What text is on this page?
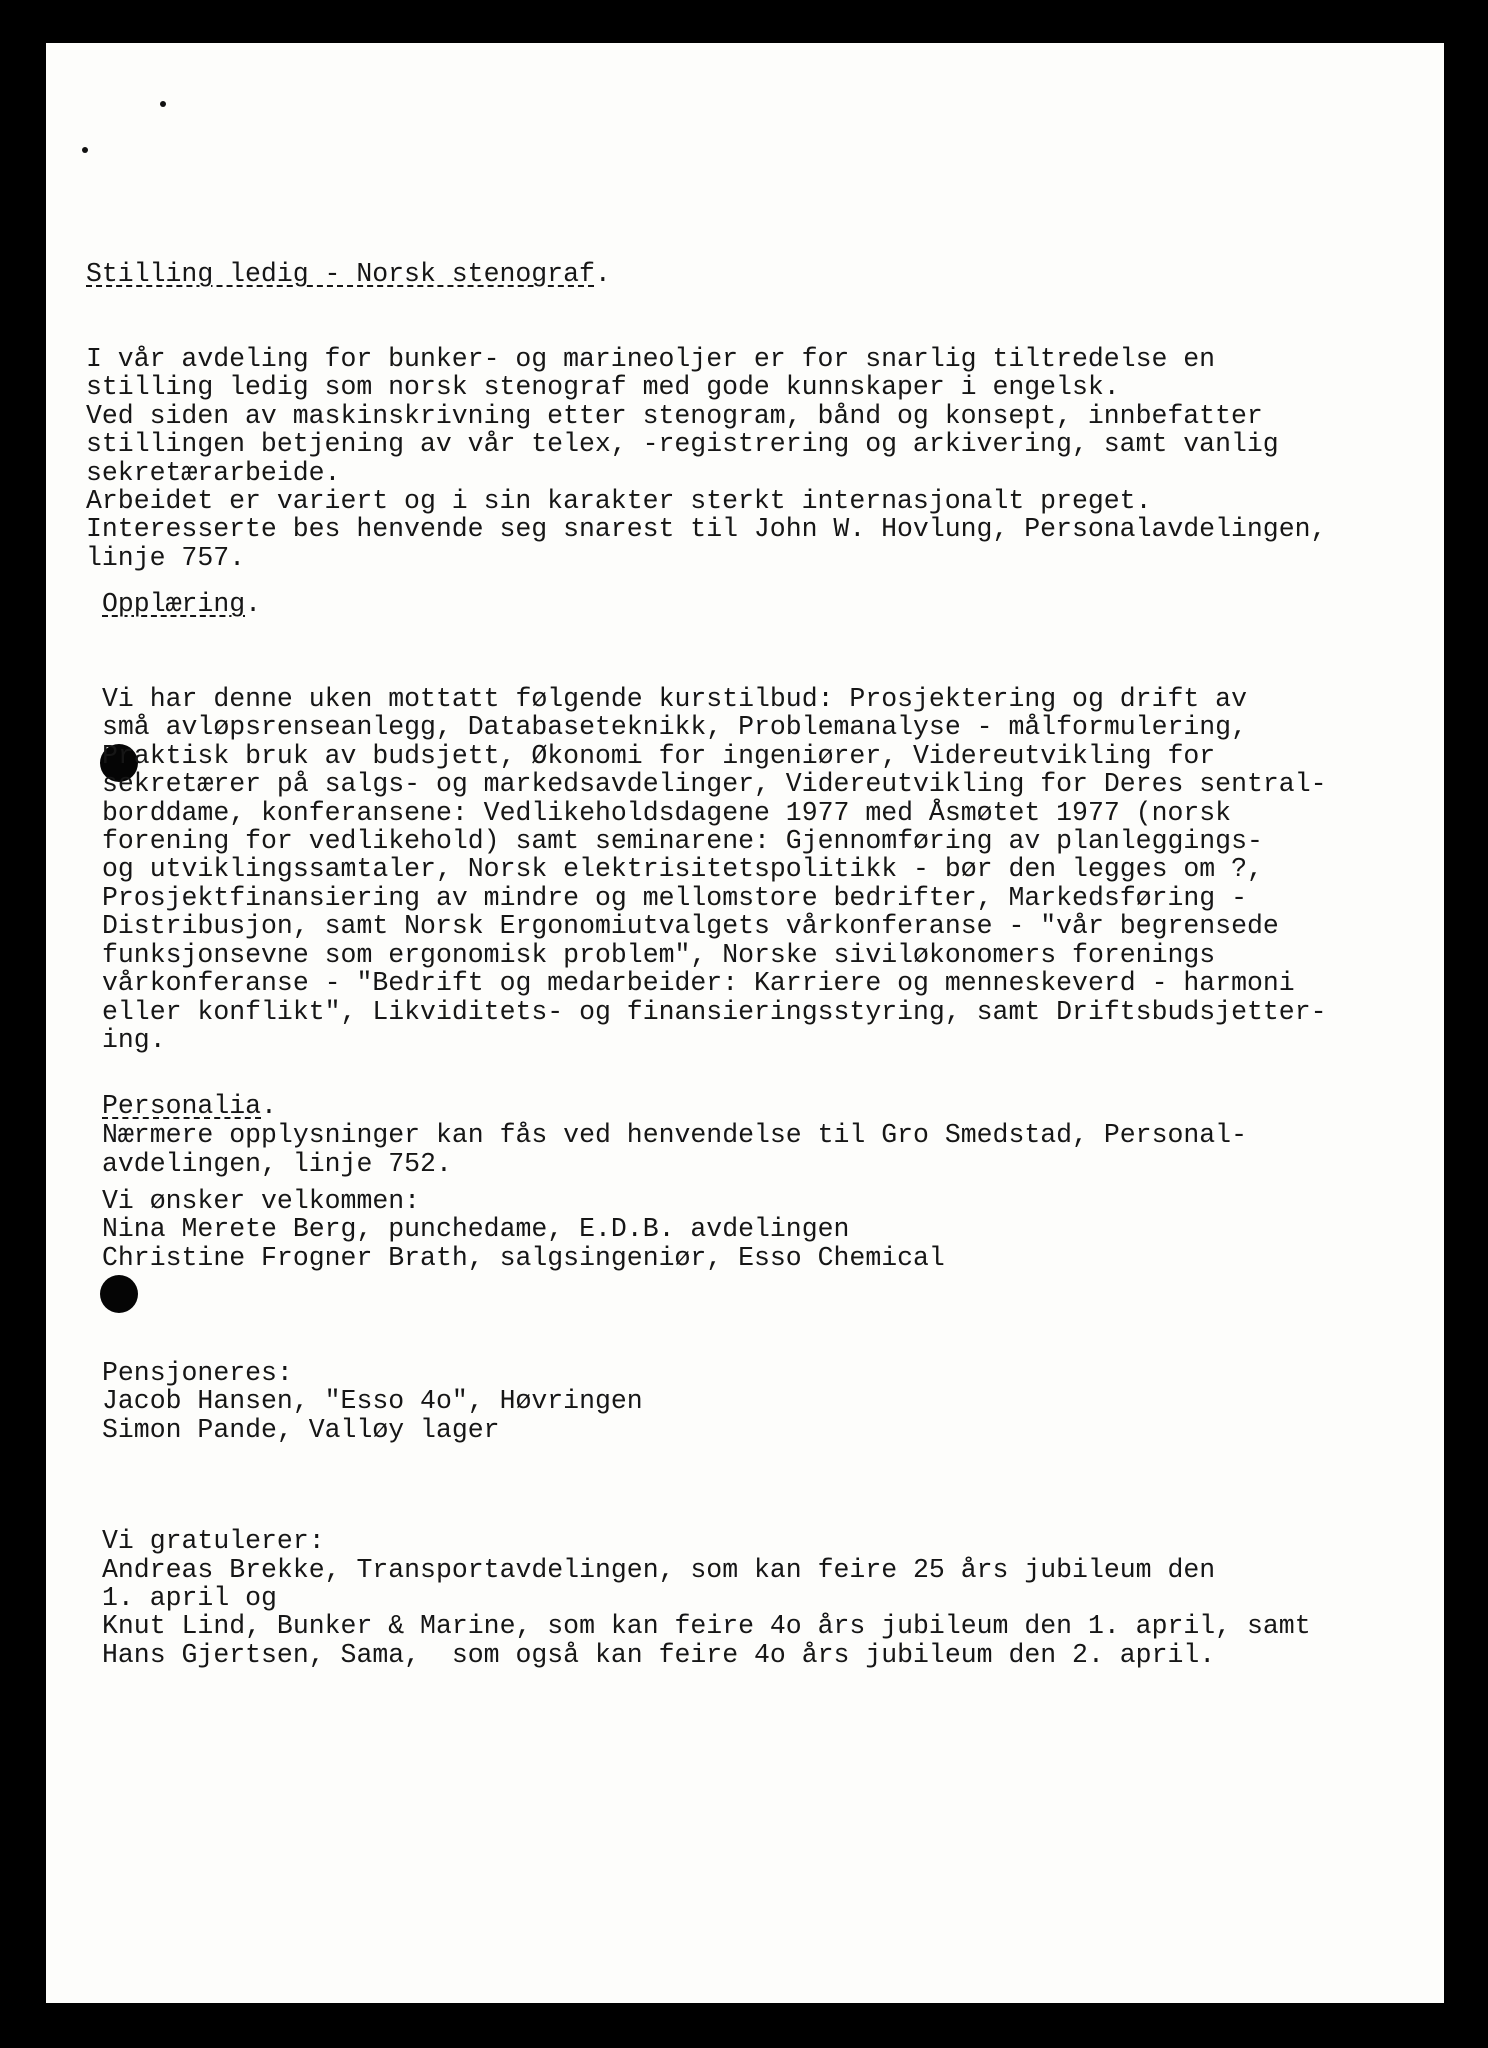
Stilling ledig - Norsk stenograf.

I vår avdeling for bunker- og marineoljer er for snarlig tiltredelse en
stilling ledig som norsk stenograf med gode kunnskaper i engelsk.
Ved siden av maskinskrivning etter stenogram, bånd og konsept, innbefatter
stillingen betjening av vår telex, -registrering og arkivering, samt vanlig
sekretærarbeide.
Arbeidet er variert og i sin karakter sterkt internasjonalt preget.
Interesserte bes henvende seg snarest til John W. Hovlung, Personalavdelingen,
linje 757.

Opplæring.

Vi har denne uken mottatt følgende kurstilbud: Prosjektering og drift av
små avløpsrenseanlegg, Databaseteknikk, Problemanalyse - målformulering,
Praktisk bruk av budsjett, Økonomi for ingeniører, Videreutvikling for
sekretærer på salgs- og markedsavdelinger, Videreutvikling for Deres sentral-
borddame, konferansene: Vedlikeholdsdagene 1977 med Åsmøtet 1977 (norsk
forening for vedlikehold) samt seminarene: Gjennomføring av planleggings-
og utviklingssamtaler, Norsk elektrisitetspolitikk - bør den legges om ?,
Prosjektfinansiering av mindre og mellomstore bedrifter, Markedsføring -
Distribusjon, samt Norsk Ergonomiutvalgets vårkonferanse - "vår begrensede
funksjonsevne som ergonomisk problem", Norske siviløkonomers forenings
vårkonferanse - "Bedrift og medarbeider: Karriere og menneskeverd - harmoni
eller konflikt", Likviditets- og finansieringsstyring, samt Driftsbudsjetter-
ing.

Nærmere opplysninger kan fås ved henvendelse til Gro Smedstad, Personal-
avdelingen, linje 752.

Personalia.

Vi ønsker velkommen:
Nina Merete Berg, punchedame, E.D.B. avdelingen
Christine Frogner Brath, salgsingeniør, Esso Chemical

Pensjoneres:
Jacob Hansen, "Esso 4o", Høvringen
Simon Pande, Valløy lager

Vi gratulerer:
Andreas Brekke, Transportavdelingen, som kan feire 25 års jubileum den
1. april og
Knut Lind, Bunker & Marine, som kan feire 4o års jubileum den 1. april, samt
Hans Gjertsen, Sama,  som også kan feire 4o års jubileum den 2. april.
